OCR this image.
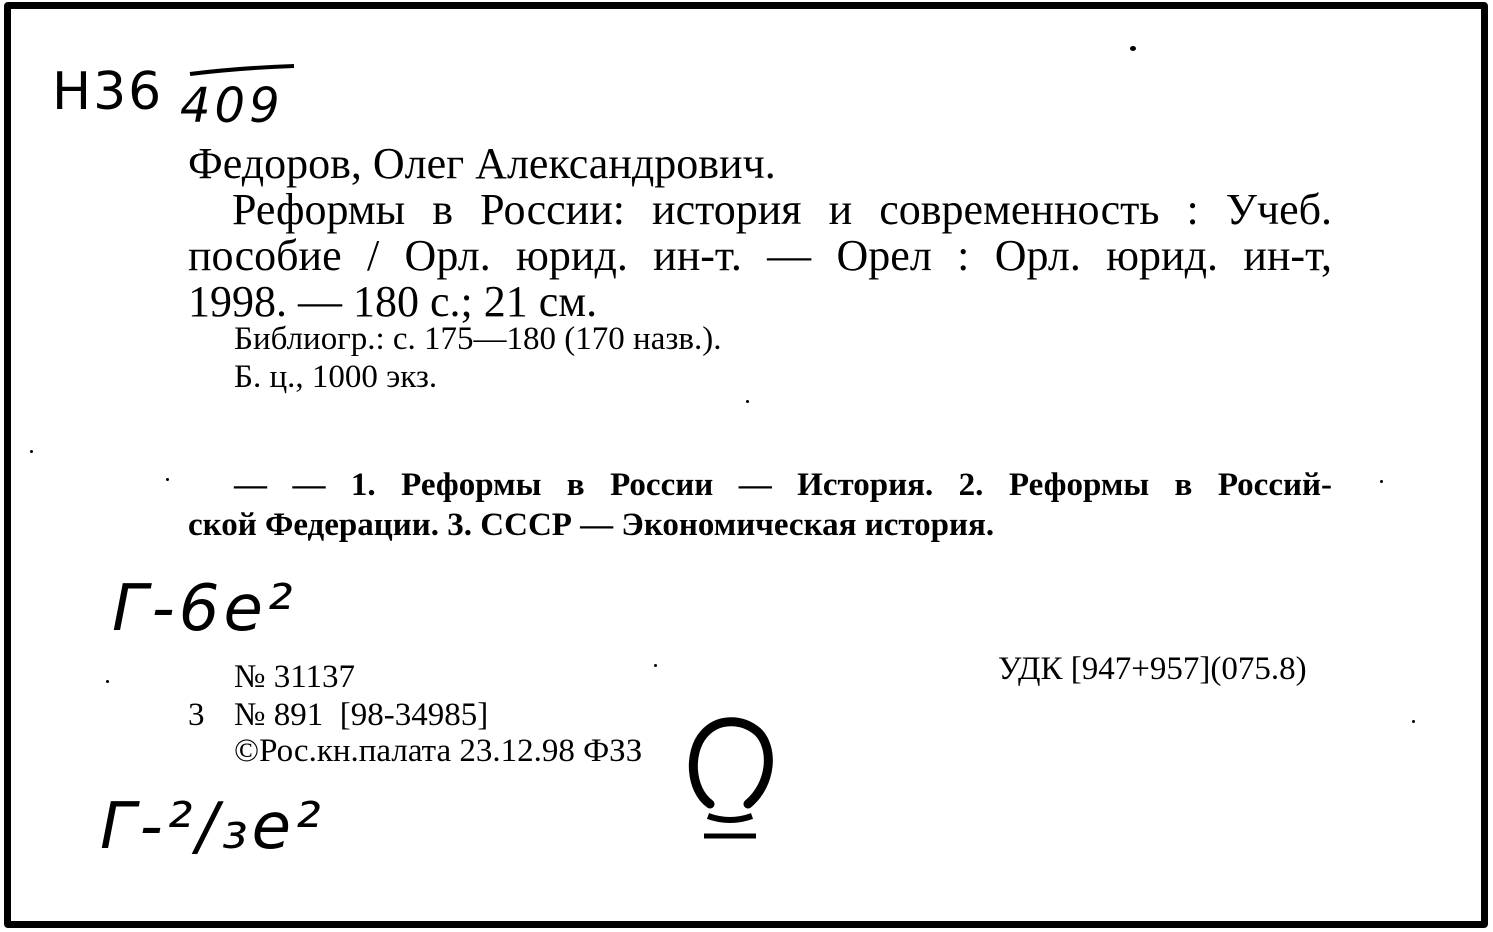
Н36 409
Федоров, Олег Александрович.
Реформы в России: история и современность : Учеб.
пособие / Орл. юрид. ин-т. — Орел : Орл. юрид. ин-т,
1998. — 180 с.; 21 см.
Библиогр.: с. 175—180 (170 назв.).
Б. ц., 1000 экз.
— — 1. Реформы в России — История. 2. Реформы в Россий-
ской Федерации. 3. СССР — Экономическая история.
Г-6е²
№ 31137	УДК [947+957](075.8)
3 № 891  [98-34985]
©Рос.кн.палата 23.12.98 ФЗЗ
Г-²/₃е²
